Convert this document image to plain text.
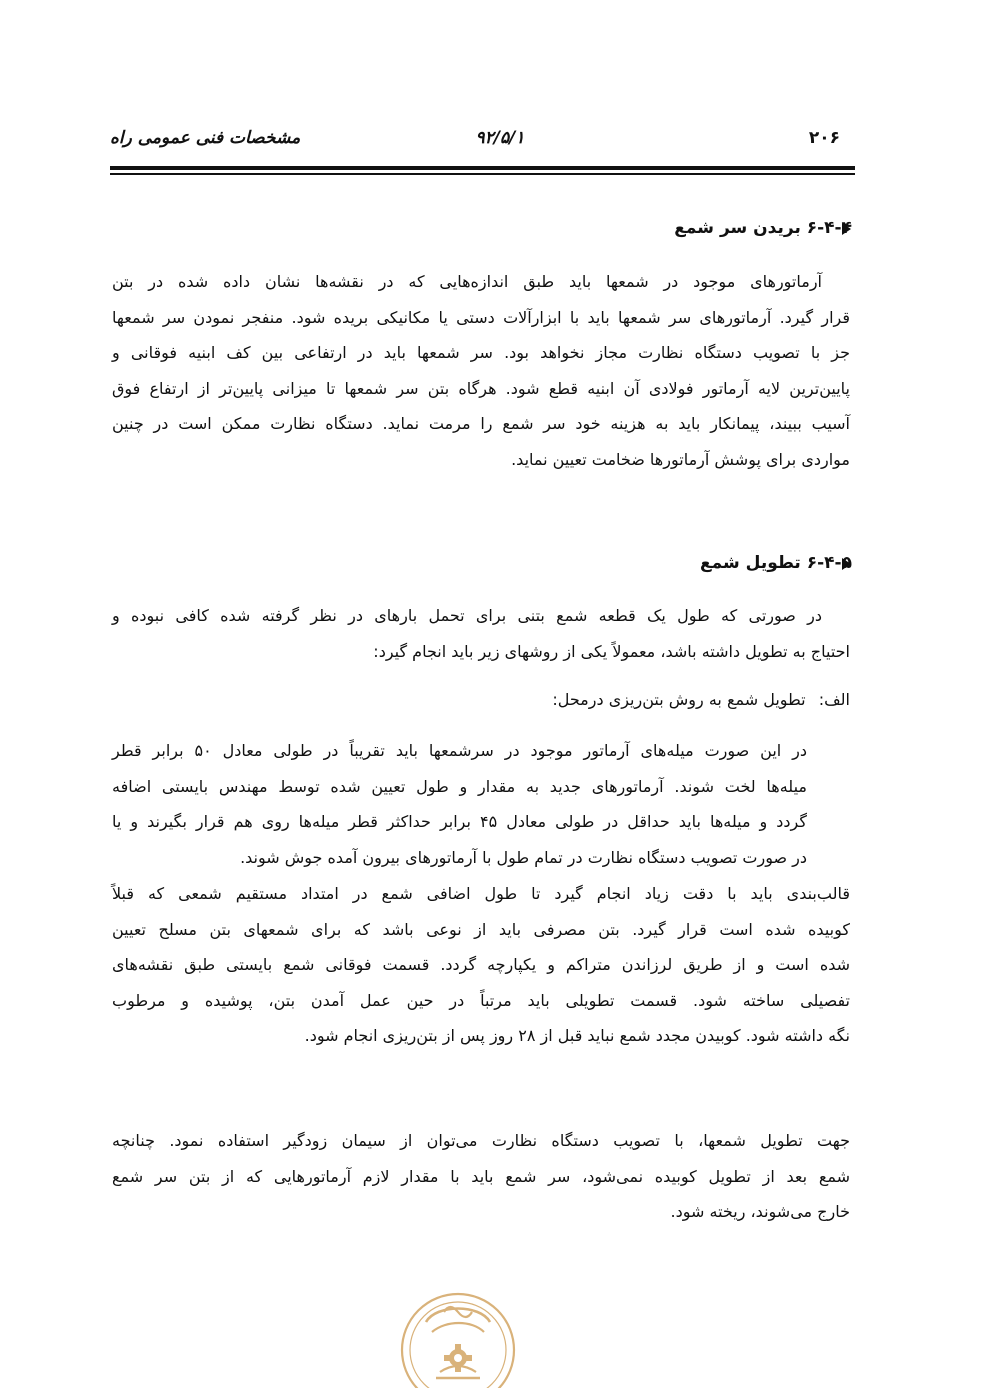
مشخصات فنی عمومی راه	۹۲/۵/۱	۲۰۶
۶-۴-۴ بریدن سر شمع
آرماتورهای موجود در شمعها باید طبق اندازه‌هایی که در نقشه‌ها نشان داده شده در بتن
قرار گیرد. آرماتورهای سر شمعها باید با ابزارآلات دستی یا مکانیکی بریده شود. منفجر نمودن سر شمعها
جز با تصویب دستگاه نظارت مجاز نخواهد بود. سر شمعها باید در ارتفاعی بین کف ابنیه فوقانی و
پایین‌ترین لایه آرماتور فولادی آن ابنیه قطع شود. هرگاه بتن سر شمعها تا میزانی پایین‌تر از ارتفاع فوق
آسیب ببیند، پیمانکار باید به هزینه خود سر شمع را مرمت نماید. دستگاه نظارت ممکن است در چنین
مواردی برای پوشش آرماتورها ضخامت تعیین نماید.
۶-۴-۵ تطویل شمع
در صورتی که طول یک قطعه شمع بتنی برای تحمل بارهای در نظر گرفته شده کافی نبوده و
احتیاج به تطویل داشته باشد، معمولاً یکی از روشهای زیر باید انجام گیرد:
الف: تطویل شمع به روش بتن‌ریزی درمحل:
در این صورت میله‌های آرماتور موجود در سرشمعها باید تقریباً در طولی معادل ۵۰ برابر قطر
میله‌ها لخت شوند. آرماتورهای جدید به مقدار و طول تعیین شده توسط مهندس بایستی اضافه
گردد و میله‌ها باید حداقل در طولی معادل ۴۵ برابر حداکثر قطر میله‌ها روی هم قرار بگیرند و یا
در صورت تصویب دستگاه نظارت در تمام طول با آرماتورهای بیرون آمده جوش شوند.
قالب‌بندی باید با دقت زیاد انجام گیرد تا طول اضافی شمع در امتداد مستقیم شمعی که قبلاً
کوبیده شده است قرار گیرد. بتن مصرفی باید از نوعی باشد که برای شمعهای بتن مسلح تعیین
شده است و از طریق لرزاندن متراکم و یکپارچه گردد. قسمت فوقانی شمع بایستی طبق نقشه‌های
تفصیلی ساخته شود. قسمت تطویلی باید مرتباً در حین عمل آمدن بتن، پوشیده و مرطوب
نگه داشته شود. کوبیدن مجدد شمع نباید قبل از ۲۸ روز پس از بتن‌ریزی انجام شود.
جهت تطویل شمعها، با تصویب دستگاه نظارت می‌توان از سیمان زودگیر استفاده نمود. چنانچه
شمع بعد از تطویل کوبیده نمی‌شود، سر شمع باید با مقدار لازم آرماتورهایی که از بتن سر شمع
خارج می‌شوند، ریخته شود.
